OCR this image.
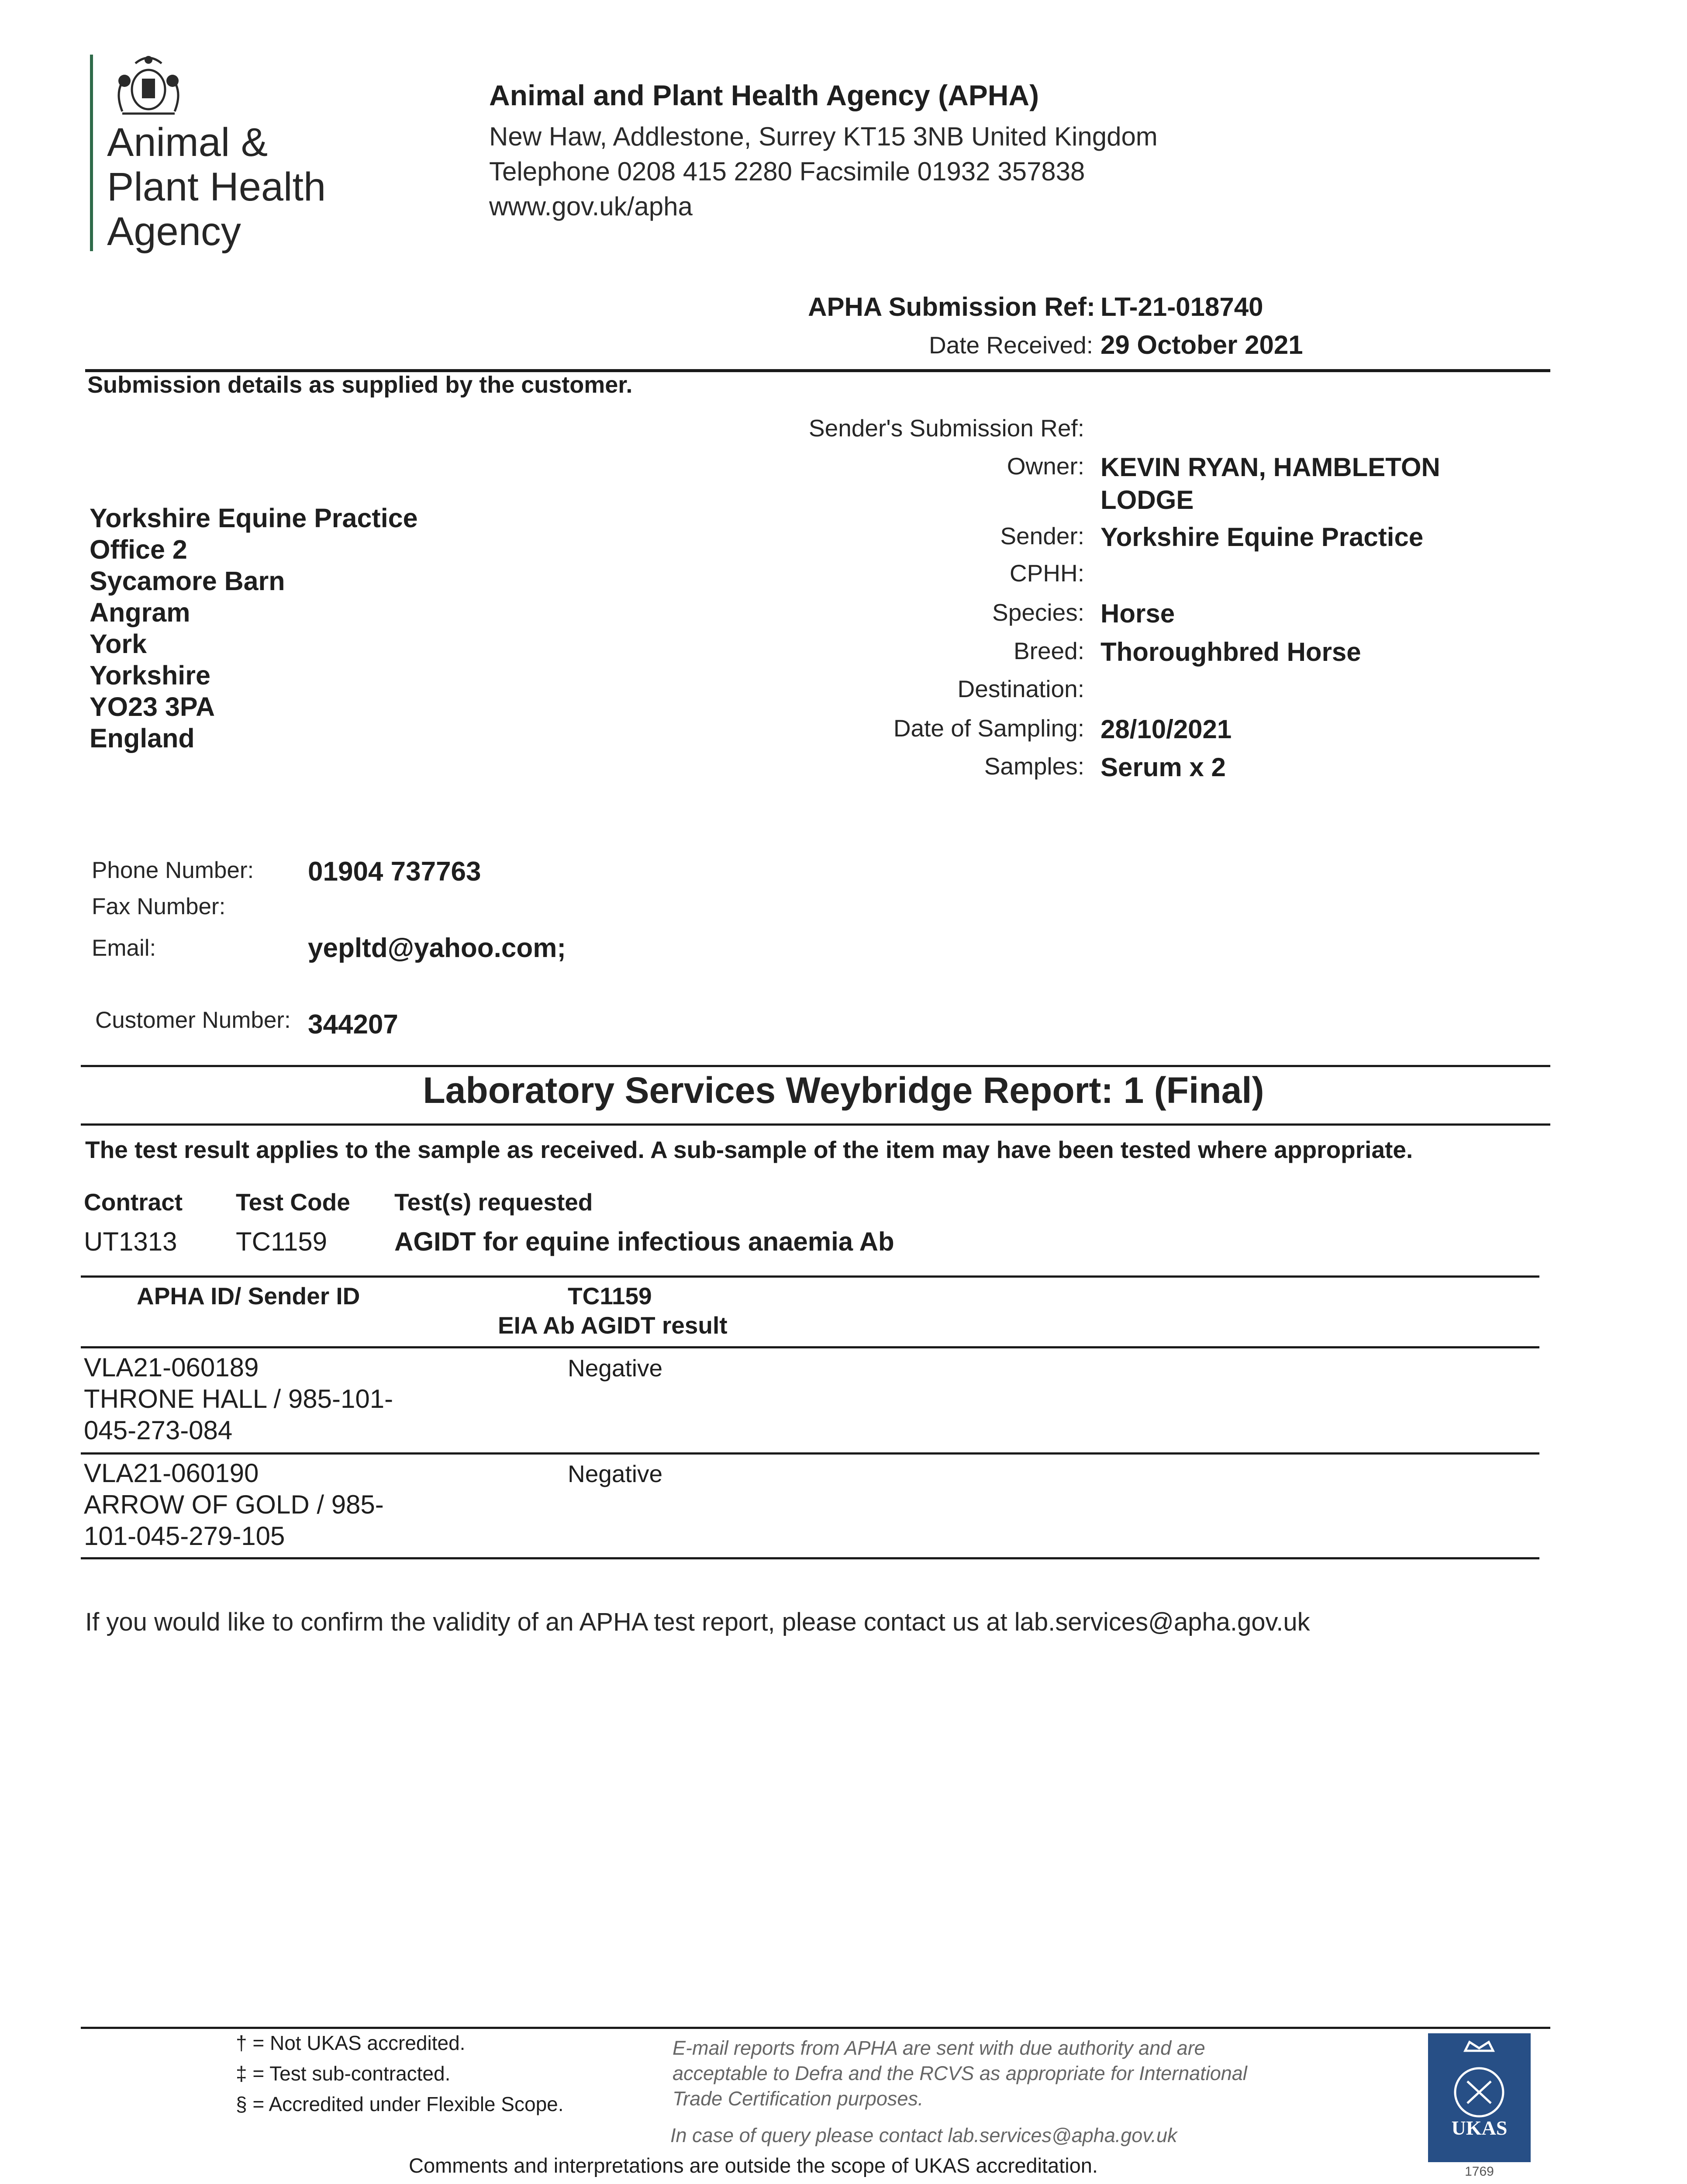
Animal &
Plant Health
Agency
Animal and Plant Health Agency (APHA)
New Haw, Addlestone, Surrey KT15 3NB United Kingdom
Telephone 0208 415 2280 Facsimile 01932 357838
www.gov.uk/apha
APHA Submission Ref: LT-21-018740
Date Received: 29 October 2021
Submission details as supplied by the customer.
Sender's Submission Ref:
Owner: KEVIN RYAN, HAMBLETON
LODGE
Sender: Yorkshire Equine Practice
CPHH:
Species: Horse
Breed: Thoroughbred Horse
Destination:
Date of Sampling: 28/10/2021
Samples: Serum x 2
Yorkshire Equine Practice
Office 2
Sycamore Barn
Angram
York
Yorkshire
YO23 3PA
England
Phone Number: 01904 737763
Fax Number:
Email:	yepltd@yahoo.com;
Customer Number: 344207
Laboratory Services Weybridge Report: 1 (Final)
The test result applies to the sample as received. A sub-sample of the item may have been tested where appropriate.
Contract Test Code Test(s) requested
UT1313 TC1159	AGIDT for equine infectious anaemia Ab
APHA ID/ Sender ID	TC1159
EIA Ab AGIDT result
VLA21-060189
THRONE HALL / 985-101-
045-273-084
Negative
VLA21-060190
ARROW OF GOLD / 985-
101-045-279-105
Negative
If you would like to confirm the validity of an APHA test report, please contact us at lab.services@apha.gov.uk
† = Not UKAS accredited.
‡ = Test sub-contracted.
§ = Accredited under Flexible Scope.
E-mail reports from APHA are sent with due authority and are
acceptable to Defra and the RCVS as appropriate for International
Trade Certification purposes.
In case of query please contact lab.services@apha.gov.uk
Comments and interpretations are outside the scope of UKAS accreditation.
UKAS
1769
